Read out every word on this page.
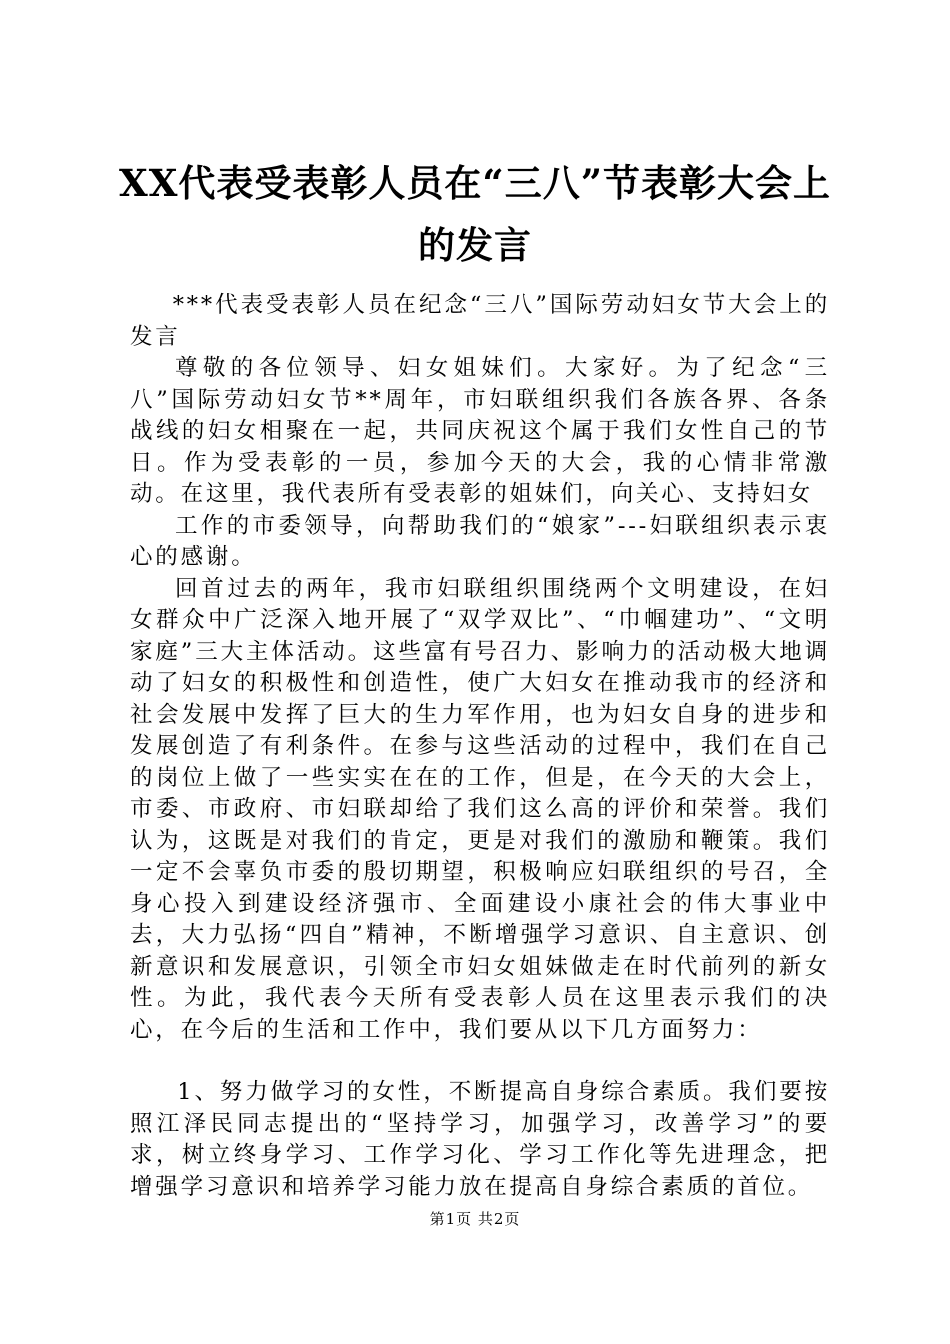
XX代表受表彰人员在“三八”节表彰大会上
的发言

***代表受表彰人员在纪念“三八”国际劳动妇女节大会上的发言

尊敬的各位领导、妇女姐妹们。大家好。为了纪念“三八”国际劳动妇女节**周年，市妇联组织我们各族各界、各条战线的妇女相聚在一起，共同庆祝这个属于我们女性自己的节日。作为受表彰的一员，参加今天的大会，我的心情非常激动。在这里，我代表所有受表彰的姐妹们，向关心、支持妇女

工作的市委领导，向帮助我们的“娘家”---妇联组织表示衷心的感谢。

回首过去的两年，我市妇联组织围绕两个文明建设，在妇女群众中广泛深入地开展了“双学双比”、“巾帼建功”、“文明家庭”三大主体活动。这些富有号召力、影响力的活动极大地调动了妇女的积极性和创造性，使广大妇女在推动我市的经济和社会发展中发挥了巨大的生力军作用，也为妇女自身的进步和发展创造了有利条件。在参与这些活动的过程中，我们在自己的岗位上做了一些实实在在的工作，但是，在今天的大会上，市委、市政府、市妇联却给了我们这么高的评价和荣誉。我们认为，这既是对我们的肯定，更是对我们的激励和鞭策。我们一定不会辜负市委的殷切期望，积极响应妇联组织的号召，全身心投入到建设经济强市、全面建设小康社会的伟大事业中去，大力弘扬“四自”精神，不断增强学习意识、自主意识、创新意识和发展意识，引领全市妇女姐妹做走在时代前列的新女性。为此，我代表今天所有受表彰人员在这里表示我们的决心，在今后的生活和工作中，我们要从以下几方面努力：

1、努力做学习的女性，不断提高自身综合素质。我们要按照江泽民同志提出的“坚持学习，加强学习，改善学习”的要求，树立终身学习、工作学习化、学习工作化等先进理念，把增强学习意识和培养学习能力放在提高自身综合素质的首位。

第1页 共2页
